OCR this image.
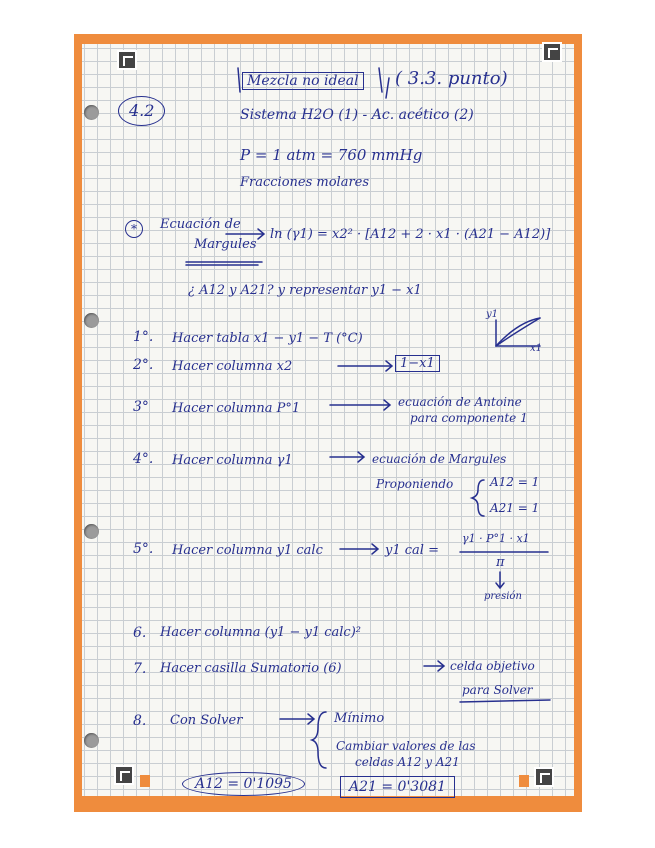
Mezcla no ideal ( 3.3. punto)
4.2	Sistema H2O (1) - Ac. acético (2)
P = 1 atm = 760 mmHg
Fracciones molares
*	Ecuación de
Margules
ln (γ1) = x2² · [A12 + 2 · x1 · (A21 − A12)]
¿ A12 y A21? y representar y1 − x1
y1
x1
1°. Hacer tabla x1 − y1 − T (°C)
2°. Hacer columna x2	1−x1
3° Hacer columna P°1	ecuación de Antoine
para componente 1
4°. Hacer columna γ1	ecuación de Margules
Proponiendo	A12 = 1
A21 = 1
5°. Hacer columna y1 calc	y1 cal =
γ1 · P°1 · x1
π
presión
6. Hacer columna (y1 − y1 calc)²
7. Hacer casilla Sumatorio (6)	celda objetivo
para Solver
8. Con Solver	Mínimo
Cambiar valores de las
celdas A12 y A21
A12 = 0'1095	A21 = 0'3081
